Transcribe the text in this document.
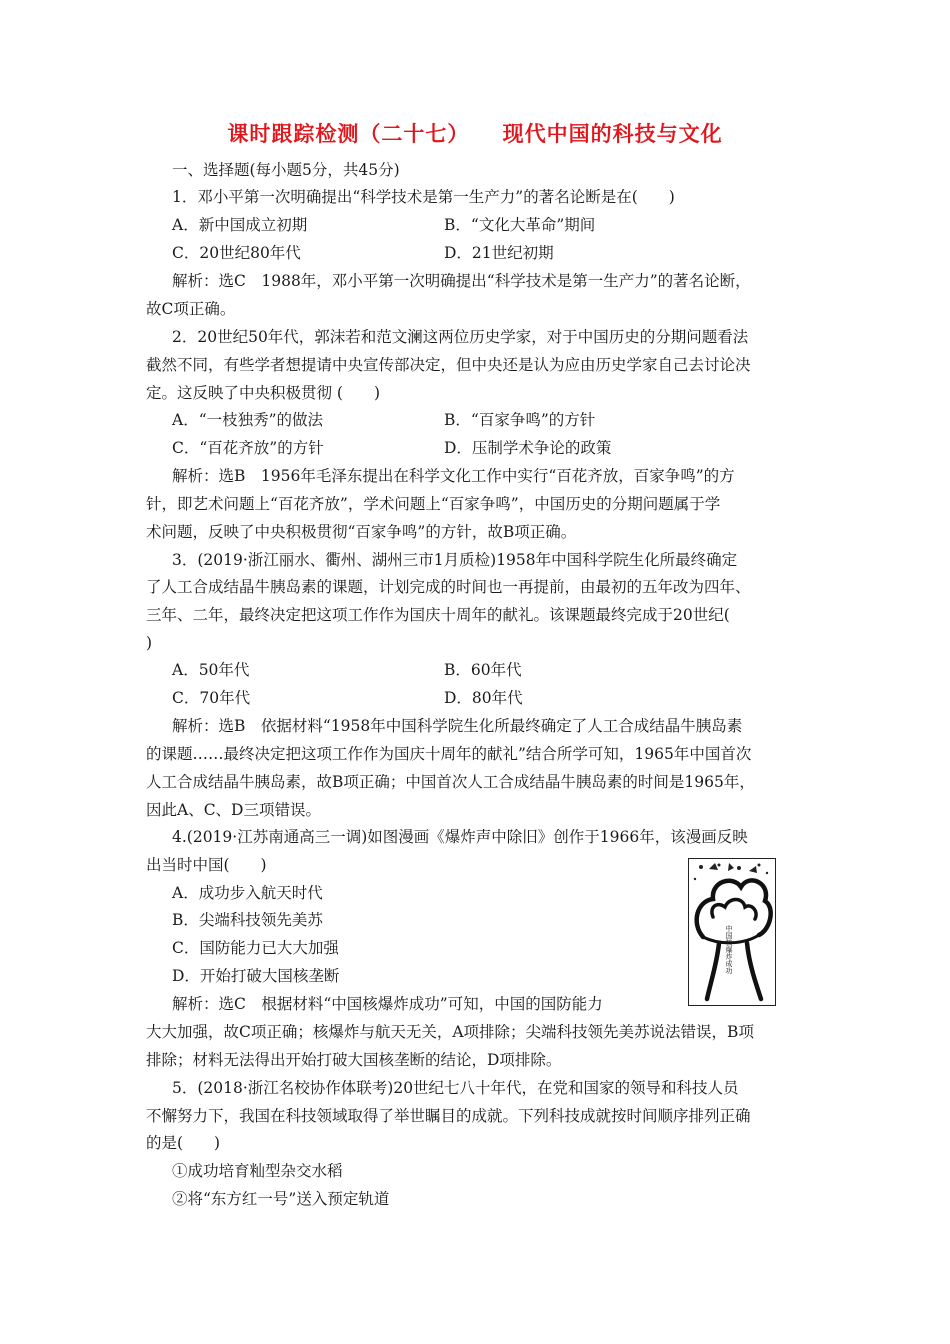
课时跟踪检测（二十七）    现代中国的科技与文化
一、选择题(每小题5分，共45分)
1．邓小平第一次明确提出“科学技术是第一生产力”的著名论断是在(　　)
A．新中国成立初期	B．“文化大革命”期间
C．20世纪80年代	D．21世纪初期
解析：选C　1988年，邓小平第一次明确提出“科学技术是第一生产力”的著名论断，
故C项正确。
2．20世纪50年代，郭沫若和范文澜这两位历史学家，对于中国历史的分期问题看法
截然不同，有些学者想提请中央宣传部决定，但中央还是认为应由历史学家自己去讨论决
定。这反映了中央积极贯彻 (　　)
A．“一枝独秀”的做法	B．“百家争鸣”的方针
C．“百花齐放”的方针	D．压制学术争论的政策
解析：选B　1956年毛泽东提出在科学文化工作中实行“百花齐放，百家争鸣”的方
针，即艺术问题上“百花齐放”，学术问题上“百家争鸣”，中国历史的分期问题属于学
术问题，反映了中央积极贯彻“百家争鸣”的方针，故B项正确。
3．(2019·浙江丽水、衢州、湖州三市1月质检)1958年中国科学院生化所最终确定
了人工合成结晶牛胰岛素的课题，计划完成的时间也一再提前，由最初的五年改为四年、
三年、二年，最终决定把这项工作作为国庆十周年的献礼。该课题最终完成于20世纪(
)
A．50年代	B．60年代
C．70年代	D．80年代
解析：选B　依据材料“1958年中国科学院生化所最终确定了人工合成结晶牛胰岛素
的课题……最终决定把这项工作作为国庆十周年的献礼”结合所学可知，1965年中国首次
人工合成结晶牛胰岛素，故B项正确；中国首次人工合成结晶牛胰岛素的时间是1965年，
因此A、C、D三项错误。
4.(2019·江苏南通高三一调)如图漫画《爆炸声中除旧》创作于1966年，该漫画反映
出当时中国(　　)
A．成功步入航天时代
B．尖端科技领先美苏
C．国防能力已大大加强
D．开始打破大国核垄断
解析：选C　根据材料“中国核爆炸成功”可知，中国的国防能力
大大加强，故C项正确；核爆炸与航天无关，A项排除；尖端科技领先美苏说法错误，B项
排除；材料无法得出开始打破大国核垄断的结论，D项排除。
中国核爆炸成功
5．(2018·浙江名校协作体联考)20世纪七八十年代，在党和国家的领导和科技人员
不懈努力下，我国在科技领域取得了举世瞩目的成就。下列科技成就按时间顺序排列正确
的是(　　)
①成功培育籼型杂交水稻
②将“东方红一号”送入预定轨道
